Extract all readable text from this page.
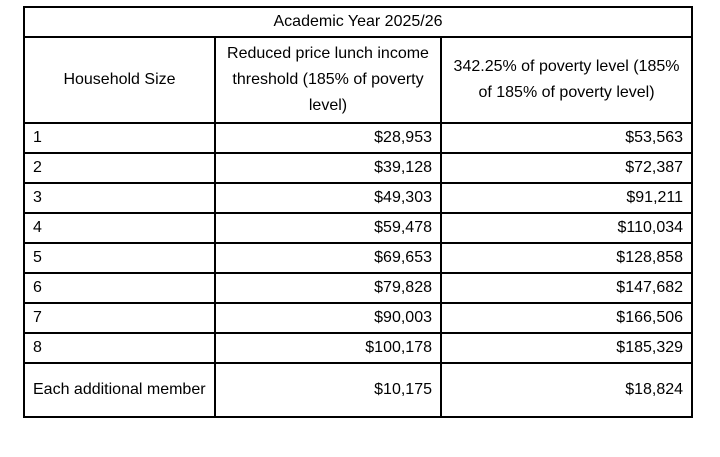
Academic Year 2025/26		
Household Size	Reduced price lunch income threshold (185% of poverty level)	342.25% of poverty level (185% of 185% of poverty level)
1	$28,953	$53,563
2	$39,128	$72,387
3	$49,303	$91,211
4	$59,478	$110,034
5	$69,653	$128,858
6	$79,828	$147,682
7	$90,003	$166,506
8	$100,178	$185,329
Each additional member	$10,175	$18,824
